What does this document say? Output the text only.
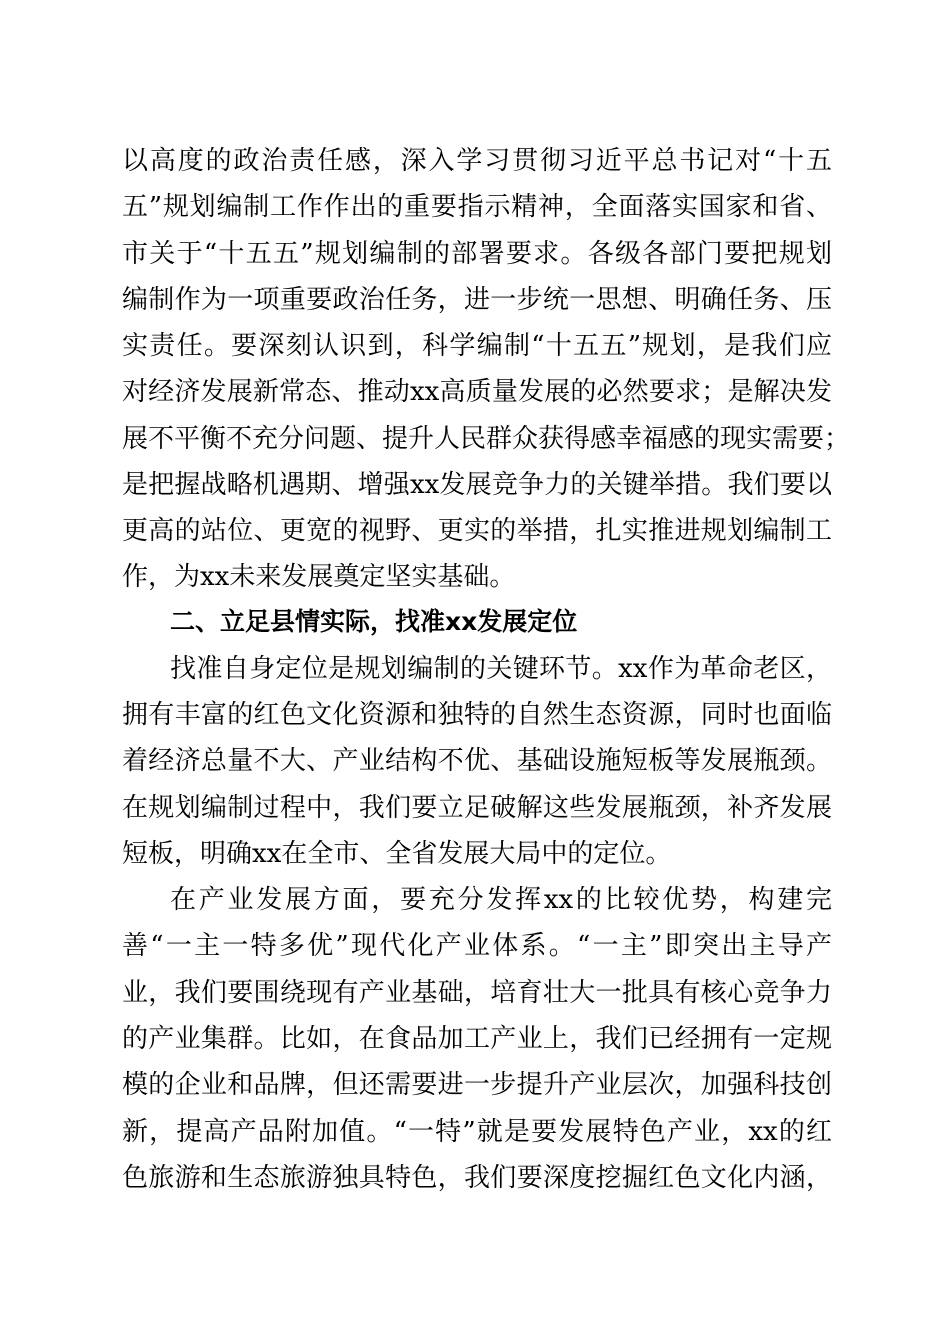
以高度的政治责任感，深入学习贯彻习近平总书记对“十五
五”规划编制工作作出的重要指示精神，全面落实国家和省、
市关于“十五五”规划编制的部署要求。各级各部门要把规划
编制作为一项重要政治任务，进一步统一思想、明确任务、压
实责任。要深刻认识到，科学编制“十五五”规划，是我们应
对经济发展新常态、推动xx高质量发展的必然要求；是解决发
展不平衡不充分问题、提升人民群众获得感幸福感的现实需要；
是把握战略机遇期、增强xx发展竞争力的关键举措。我们要以
更高的站位、更宽的视野、更实的举措，扎实推进规划编制工
作，为xx未来发展奠定坚实基础。
二、立足县情实际，找准xx发展定位
找准自身定位是规划编制的关键环节。xx作为革命老区，
拥有丰富的红色文化资源和独特的自然生态资源，同时也面临
着经济总量不大、产业结构不优、基础设施短板等发展瓶颈。
在规划编制过程中，我们要立足破解这些发展瓶颈，补齐发展
短板，明确xx在全市、全省发展大局中的定位。
在产业发展方面，要充分发挥xx的比较优势，构建完
善“一主一特多优”现代化产业体系。“一主”即突出主导产
业，我们要围绕现有产业基础，培育壮大一批具有核心竞争力
的产业集群。比如，在食品加工产业上，我们已经拥有一定规
模的企业和品牌，但还需要进一步提升产业层次，加强科技创
新，提高产品附加值。“一特”就是要发展特色产业，xx的红
色旅游和生态旅游独具特色，我们要深度挖掘红色文化内涵，
